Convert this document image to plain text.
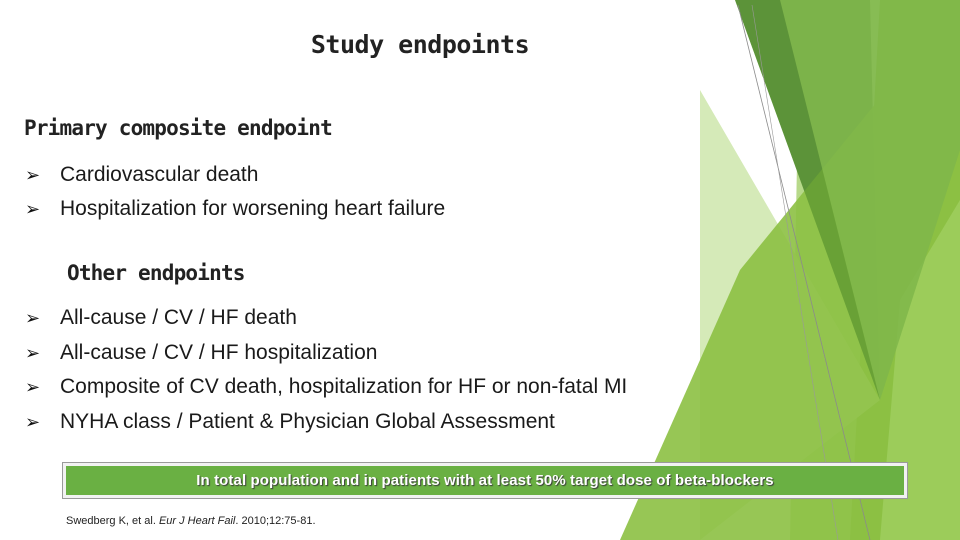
Study endpoints
Primary composite endpoint
➢ Cardiovascular death
➢ Hospitalization for worsening heart failure
Other endpoints
➢ All-cause / CV / HF death
➢ All-cause / CV / HF hospitalization
➢ Composite of CV death, hospitalization for HF or non-fatal MI
➢ NYHA class / Patient & Physician Global Assessment
In total population and in patients with at least 50% target dose of beta-blockers
Swedberg K, et al. Eur J Heart Fail. 2010;12:75-81.
